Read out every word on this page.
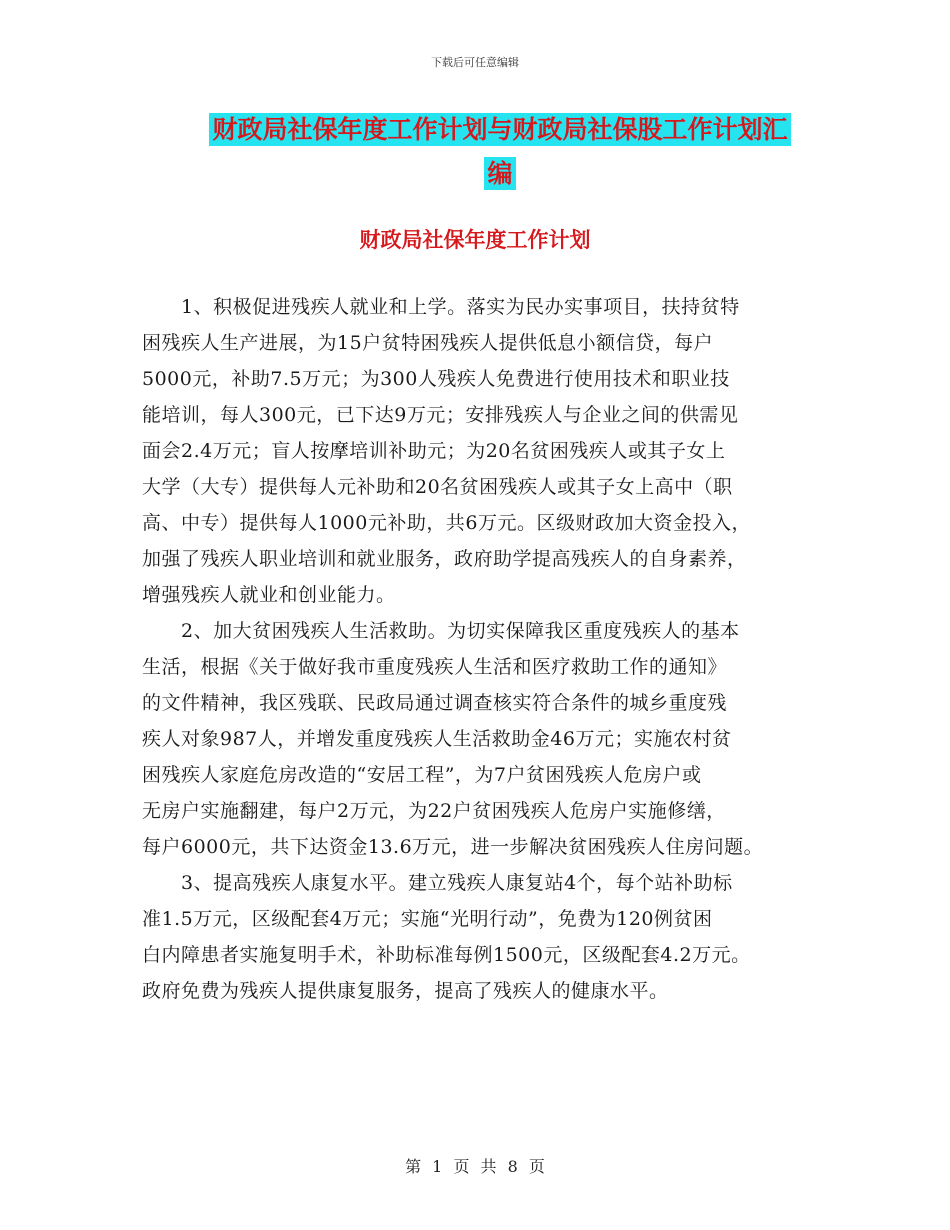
下载后可任意编辑
财政局社保年度工作计划与财政局社保股工作计划汇
编
财政局社保年度工作计划
　　1、积极促进残疾人就业和上学。落实为民办实事项目，扶持贫特
困残疾人生产进展，为15户贫特困残疾人提供低息小额信贷，每户
5000元，补助7.5万元；为300人残疾人免费进行使用技术和职业技
能培训，每人300元，已下达9万元；安排残疾人与企业之间的供需见
面会2.4万元；盲人按摩培训补助元；为20名贫困残疾人或其子女上
大学（大专）提供每人元补助和20名贫困残疾人或其子女上高中（职
高、中专）提供每人1000元补助，共6万元。区级财政加大资金投入，
加强了残疾人职业培训和就业服务，政府助学提高残疾人的自身素养，
增强残疾人就业和创业能力。
　　2、加大贫困残疾人生活救助。为切实保障我区重度残疾人的基本
生活，根据《关于做好我市重度残疾人生活和医疗救助工作的通知》
的文件精神，我区残联、民政局通过调查核实符合条件的城乡重度残
疾人对象987人，并增发重度残疾人生活救助金46万元；实施农村贫
困残疾人家庭危房改造的“安居工程”，为7户贫困残疾人危房户或
无房户实施翻建，每户2万元，为22户贫困残疾人危房户实施修缮，
每户6000元，共下达资金13.6万元，进一步解决贫困残疾人住房问题。
　　3、提高残疾人康复水平。建立残疾人康复站4个，每个站补助标
准1.5万元，区级配套4万元；实施“光明行动”，免费为120例贫困
白内障患者实施复明手术，补助标准每例1500元，区级配套4.2万元。
政府免费为残疾人提供康复服务，提高了残疾人的健康水平。
第 1 页 共 8 页
